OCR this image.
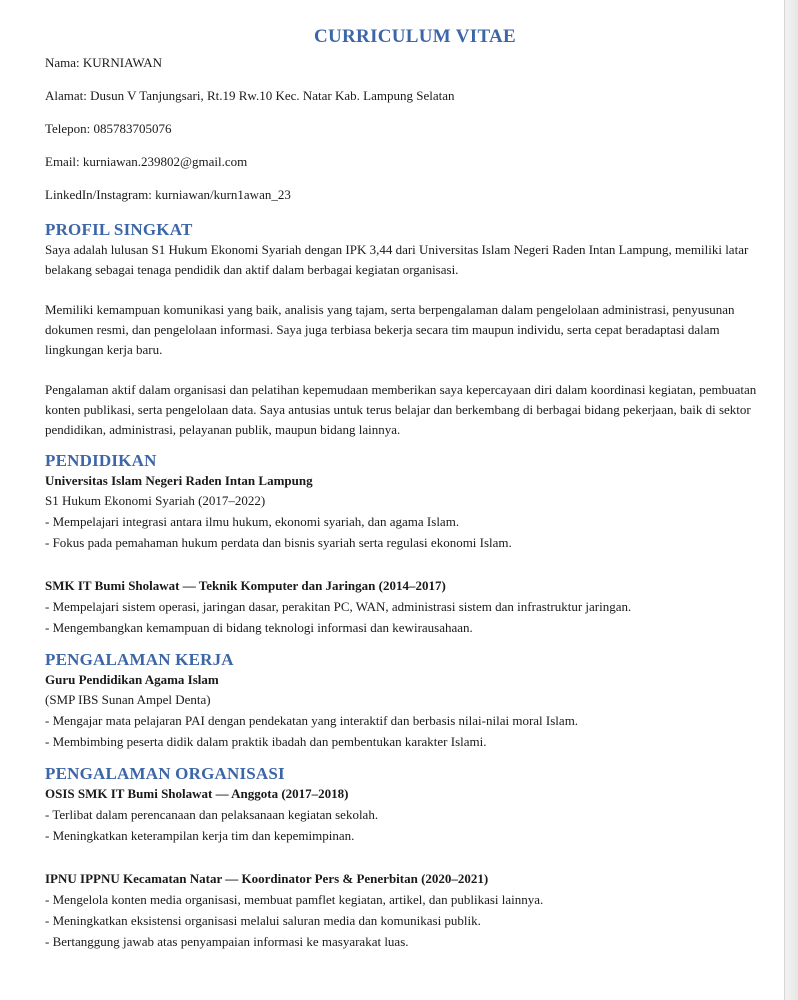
CURRICULUM VITAE

Nama: KURNIAWAN

Alamat: Dusun V Tanjungsari, Rt.19 Rw.10 Kec. Natar Kab. Lampung Selatan

Telepon: 085783705076

Email: kurniawan.239802@gmail.com

LinkedIn/Instagram: kurniawan/kurn1awan_23

PROFIL SINGKAT

Saya adalah lulusan S1 Hukum Ekonomi Syariah dengan IPK 3,44 dari Universitas Islam Negeri Raden Intan Lampung, memiliki latar belakang sebagai tenaga pendidik dan aktif dalam berbagai kegiatan organisasi.

Memiliki kemampuan komunikasi yang baik, analisis yang tajam, serta berpengalaman dalam pengelolaan administrasi, penyusunan dokumen resmi, dan pengelolaan informasi. Saya juga terbiasa bekerja secara tim maupun individu, serta cepat beradaptasi dalam lingkungan kerja baru.

Pengalaman aktif dalam organisasi dan pelatihan kepemudaan memberikan saya kepercayaan diri dalam koordinasi kegiatan, pembuatan konten publikasi, serta pengelolaan data. Saya antusias untuk terus belajar dan berkembang di berbagai bidang pekerjaan, baik di sektor pendidikan, administrasi, pelayanan publik, maupun bidang lainnya.

PENDIDIKAN

Universitas Islam Negeri Raden Intan Lampung

S1 Hukum Ekonomi Syariah (2017–2022)

- Mempelajari integrasi antara ilmu hukum, ekonomi syariah, dan agama Islam.

- Fokus pada pemahaman hukum perdata dan bisnis syariah serta regulasi ekonomi Islam.

SMK IT Bumi Sholawat — Teknik Komputer dan Jaringan (2014–2017)

- Mempelajari sistem operasi, jaringan dasar, perakitan PC, WAN, administrasi sistem dan infrastruktur jaringan.

- Mengembangkan kemampuan di bidang teknologi informasi dan kewirausahaan.

PENGALAMAN KERJA

Guru Pendidikan Agama Islam

(SMP IBS Sunan Ampel Denta)

- Mengajar mata pelajaran PAI dengan pendekatan yang interaktif dan berbasis nilai-nilai moral Islam.

- Membimbing peserta didik dalam praktik ibadah dan pembentukan karakter Islami.

PENGALAMAN ORGANISASI

OSIS SMK IT Bumi Sholawat — Anggota (2017–2018)

- Terlibat dalam perencanaan dan pelaksanaan kegiatan sekolah.

- Meningkatkan keterampilan kerja tim dan kepemimpinan.

IPNU IPPNU Kecamatan Natar — Koordinator Pers & Penerbitan (2020–2021)

- Mengelola konten media organisasi, membuat pamflet kegiatan, artikel, dan publikasi lainnya.

- Meningkatkan eksistensi organisasi melalui saluran media dan komunikasi publik.

- Bertanggung jawab atas penyampaian informasi ke masyarakat luas.
